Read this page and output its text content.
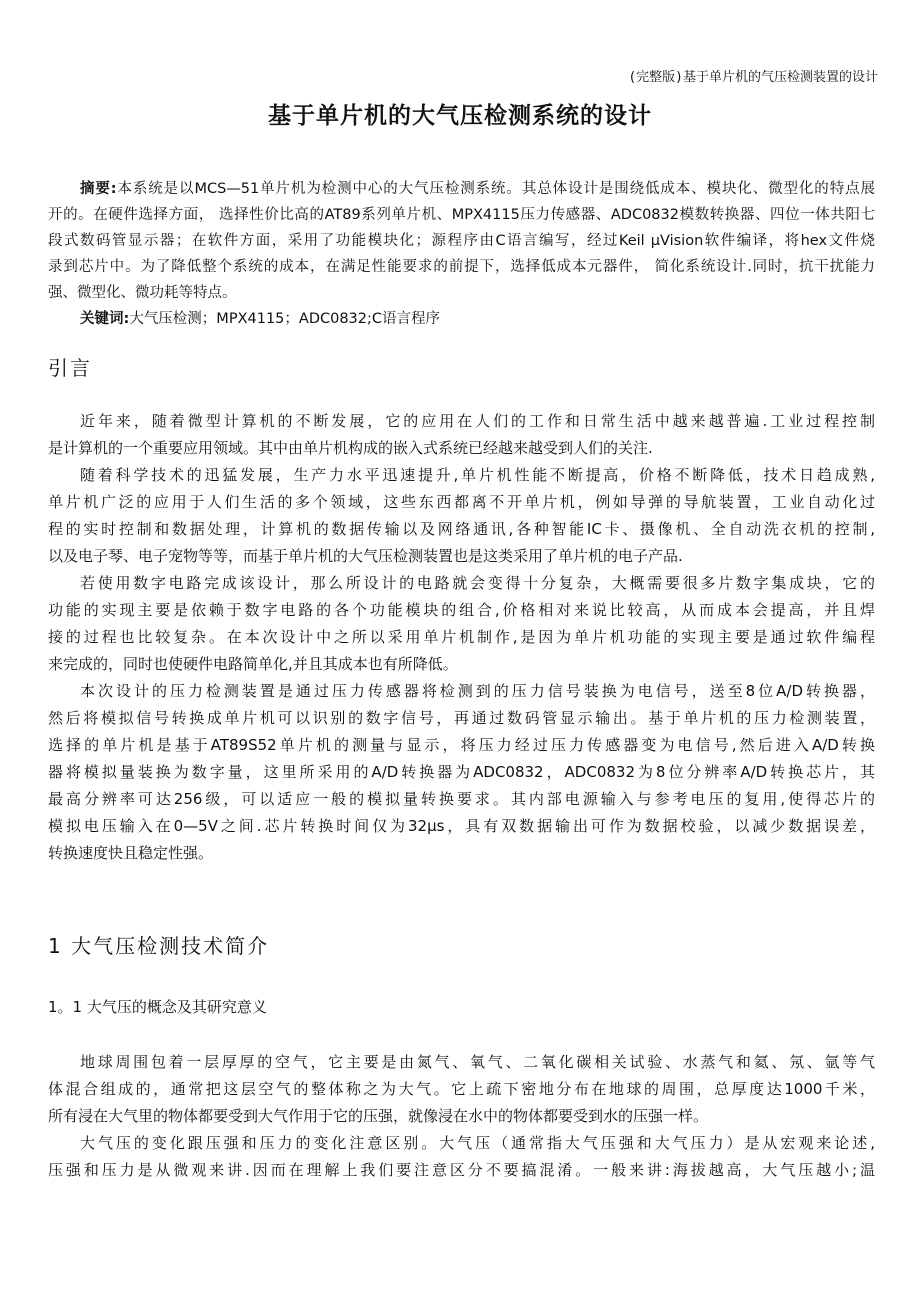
(完整版)基于单片机的气压检测装置的设计
基于单片机的大气压检测系统的设计
摘要:本系统是以MCS—51单片机为检测中心的大气压检测系统。其总体设计是围绕低成本、模块化、微型化的特点展
开的。在硬件选择方面， 选择性价比高的AT89系列单片机、MPX4115压力传感器、ADC0832模数转换器、四位一体共阳七
段式数码管显示器；在软件方面，采用了功能模块化；源程序由C语言编写，经过Keil μVision软件编译，将hex文件烧
录到芯片中。为了降低整个系统的成本，在满足性能要求的前提下，选择低成本元器件， 简化系统设计.同时，抗干扰能力
强、微型化、微功耗等特点。
关键词:大气压检测；MPX4115；ADC0832;C语言程序
引言
近年来，随着微型计算机的不断发展，它的应用在人们的工作和日常生活中越来越普遍.工业过程控制
是计算机的一个重要应用领域。其中由单片机构成的嵌入式系统已经越来越受到人们的关注.
随着科学技术的迅猛发展，生产力水平迅速提升,单片机性能不断提高，价格不断降低，技术日趋成熟,
单片机广泛的应用于人们生活的多个领域，这些东西都离不开单片机，例如导弹的导航装置，工业自动化过
程的实时控制和数据处理，计算机的数据传输以及网络通讯,各种智能IC卡、摄像机、全自动洗衣机的控制,
以及电子琴、电子宠物等等，而基于单片机的大气压检测装置也是这类采用了单片机的电子产品.
若使用数字电路完成该设计，那么所设计的电路就会变得十分复杂，大概需要很多片数字集成块，它的
功能的实现主要是依赖于数字电路的各个功能模块的组合,价格相对来说比较高，从而成本会提高，并且焊
接的过程也比较复杂。在本次设计中之所以采用单片机制作,是因为单片机功能的实现主要是通过软件编程
来完成的，同时也使硬件电路简单化,并且其成本也有所降低。
本次设计的压力检测装置是通过压力传感器将检测到的压力信号装换为电信号，送至8位A/D转换器，
然后将模拟信号转换成单片机可以识别的数字信号，再通过数码管显示输出。基于单片机的压力检测装置，
选择的单片机是基于AT89S52单片机的测量与显示，将压力经过压力传感器变为电信号,然后进入A/D转换
器将模拟量装换为数字量，这里所采用的A/D转换器为ADC0832，ADC0832为8位分辨率A/D转换芯片，其
最高分辨率可达256级，可以适应一般的模拟量转换要求。其内部电源输入与参考电压的复用,使得芯片的
模拟电压输入在0—5V之间.芯片转换时间仅为32μs，具有双数据输出可作为数据校验，以减少数据误差，
转换速度快且稳定性强。
1 大气压检测技术简介
1。1 大气压的概念及其研究意义
地球周围包着一层厚厚的空气，它主要是由氮气、氧气、二氧化碳相关试验、水蒸气和氦、氖、氩等气
体混合组成的，通常把这层空气的整体称之为大气。它上疏下密地分布在地球的周围，总厚度达1000千米，
所有浸在大气里的物体都要受到大气作用于它的压强，就像浸在水中的物体都要受到水的压强一样。
大气压的变化跟压强和压力的变化注意区别。大气压（通常指大气压强和大气压力）是从宏观来论述,
压强和压力是从微观来讲.因而在理解上我们要注意区分不要搞混淆。一般来讲:海拔越高，大气压越小;温
